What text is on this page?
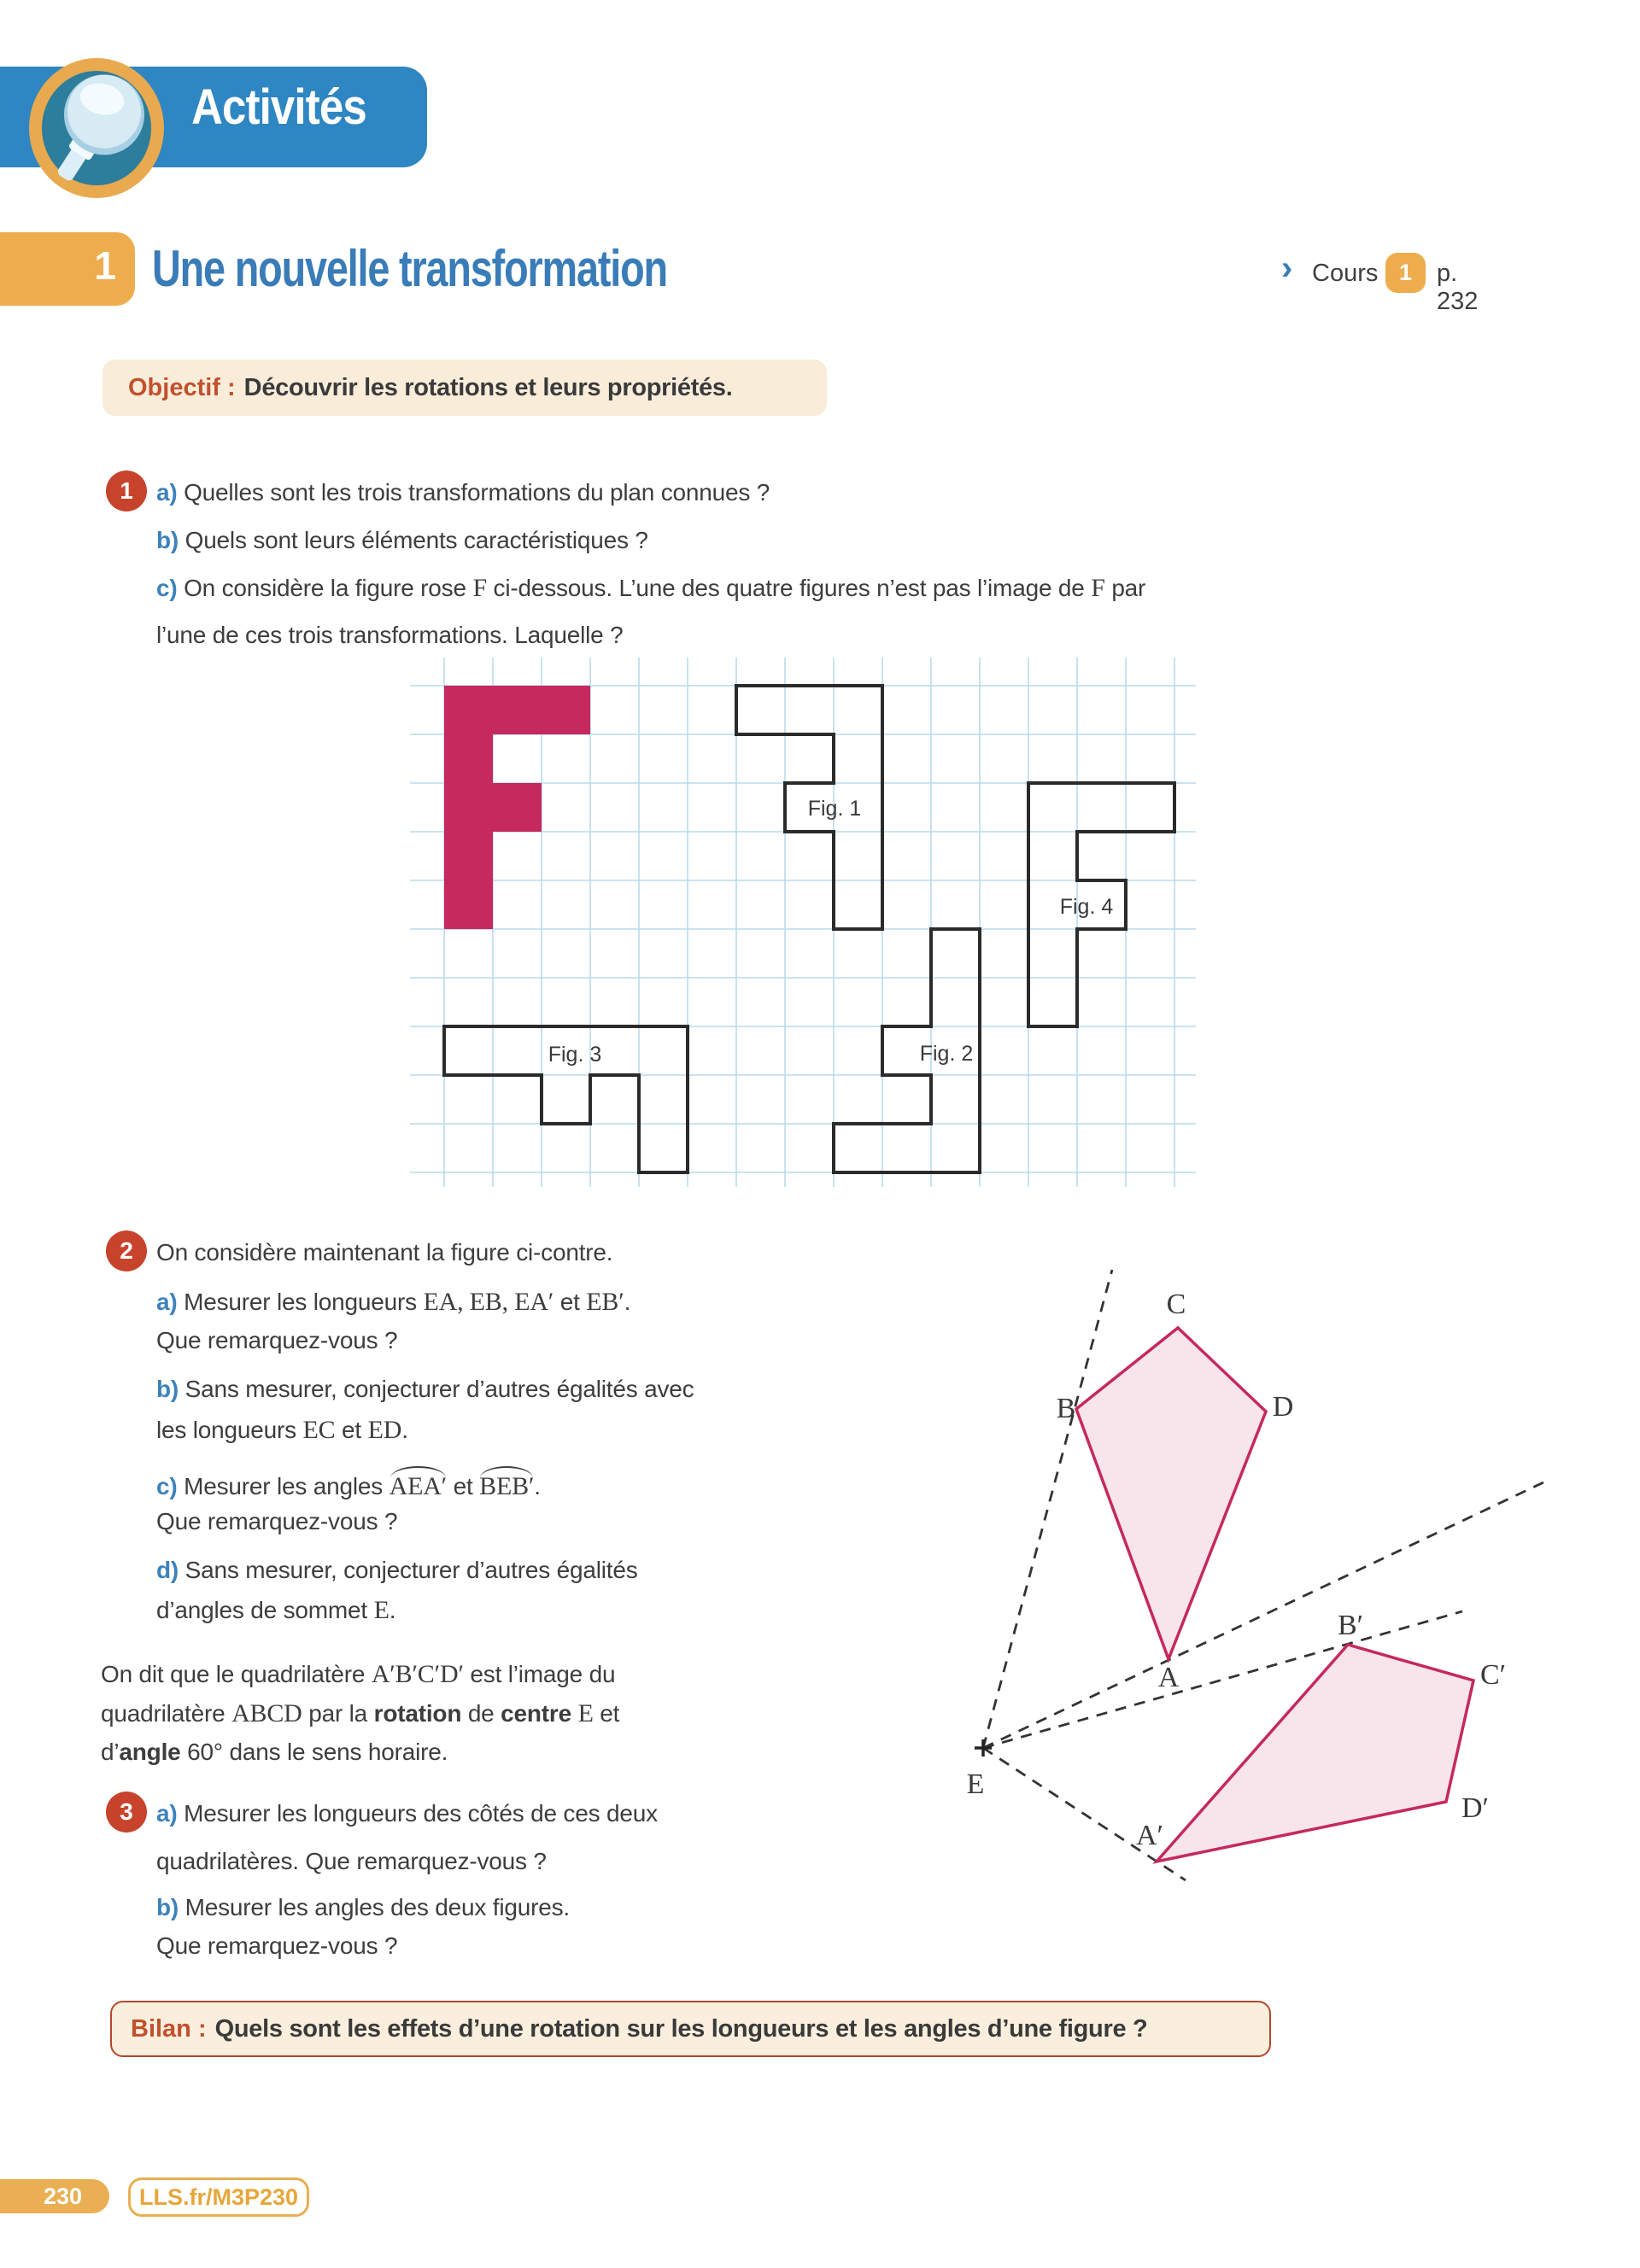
Activités
1 Une nouvelle transformation	› Cours 1 p. 232
Objectif : Découvrir les rotations et leurs propriétés.
1 a) Quelles sont les trois transformations du plan connues ?
b) Quels sont leurs éléments caractéristiques ?
c) On considère la figure rose F ci-dessous. L’une des quatre figures n’est pas l’image de F par
l’une de ces trois transformations. Laquelle ?
Fig. 1
Fig. 2
Fig. 3
Fig. 4
2 On considère maintenant la figure ci-contre.
a) Mesurer les longueurs EA, EB, EA′ et EB′.
Que remarquez-vous ?
b) Sans mesurer, conjecturer d’autres égalités avec
les longueurs EC et ED.
c) Mesurer les angles AEA′ et BEB′.
Que remarquez-vous ?
d) Sans mesurer, conjecturer d’autres égalités
d’angles de sommet E.
On dit que le quadrilatère A′B′C′D′ est l’image du
quadrilatère ABCD par la rotation de centre E et
d’angle 60° dans le sens horaire.
C
B	D
A
B′
C′
D′
A′
E
3 a) Mesurer les longueurs des côtés de ces deux
quadrilatères. Que remarquez-vous ?
b) Mesurer les angles des deux figures.
Que remarquez-vous ?
Bilan : Quels sont les effets d’une rotation sur les longueurs et les angles d’une figure ?
230	LLS.fr/M3P230
